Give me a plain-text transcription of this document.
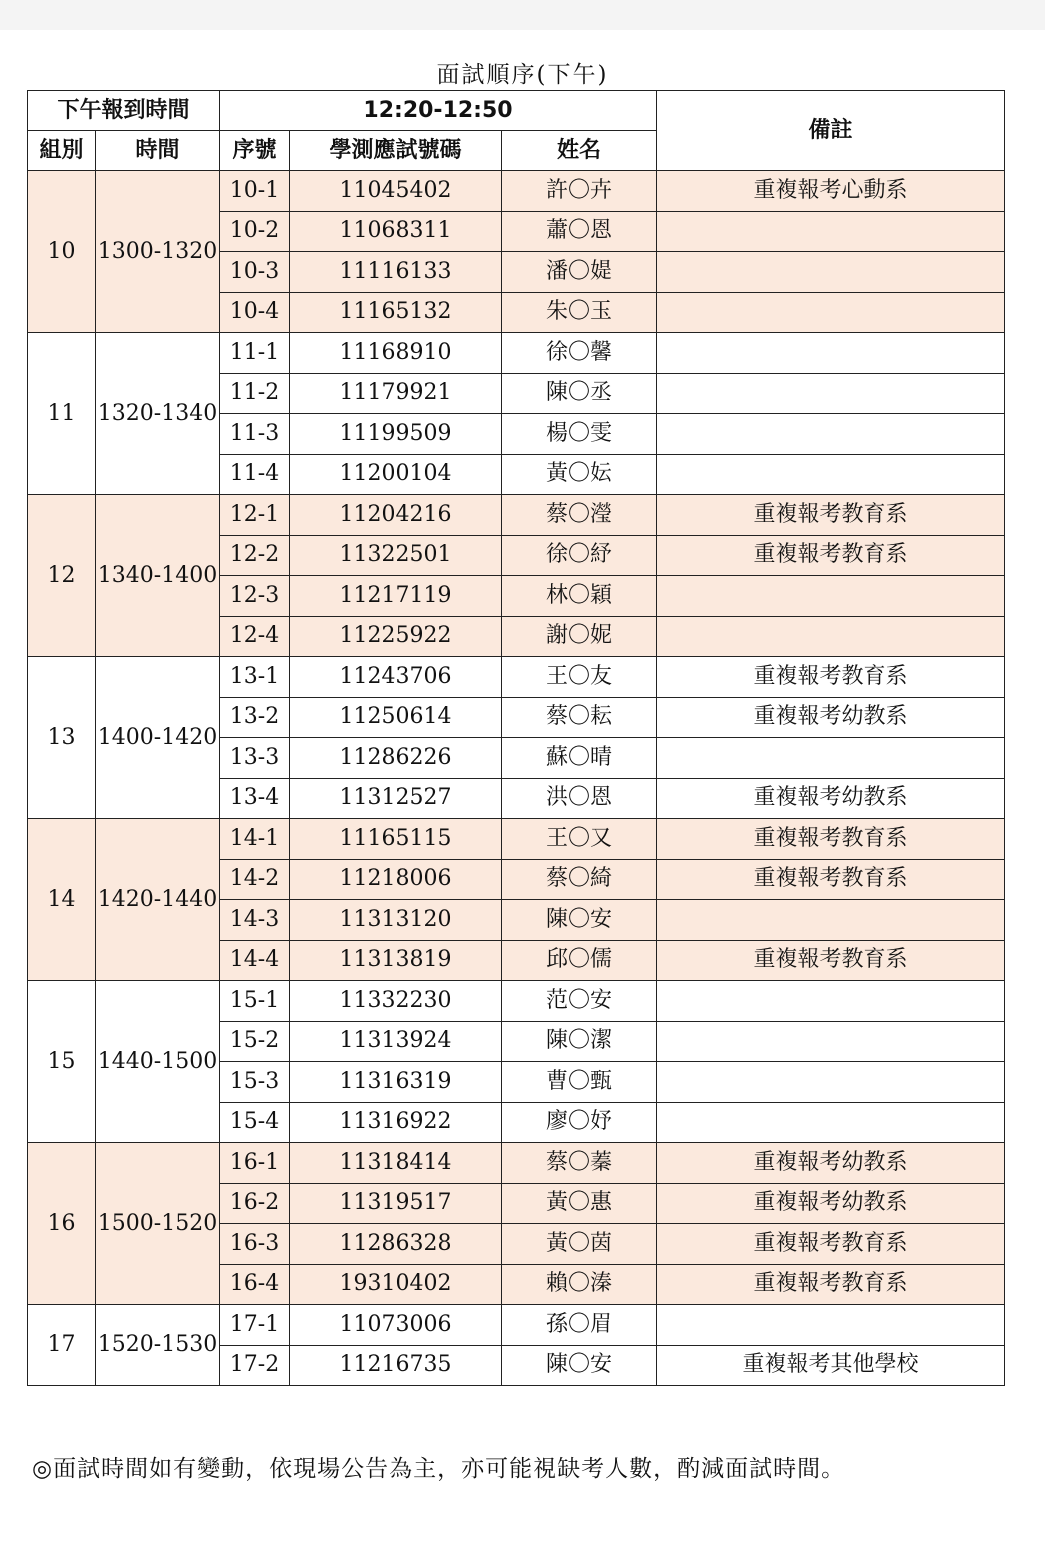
面試順序(下午)
下午報到時間		12:20-12:50			備註
組別	時間	序號	學測應試號碼	姓名	
10	1300-1320	10-1	11045402	許〇卉	重複報考心動系
		10-2	11068311	蕭〇恩	
		10-3	11116133	潘〇媞	
		10-4	11165132	朱〇玉	
11	1320-1340	11-1	11168910	徐〇馨	
		11-2	11179921	陳〇丞	
		11-3	11199509	楊〇雯	
		11-4	11200104	黃〇妘	
12	1340-1400	12-1	11204216	蔡〇瀅	重複報考教育系
		12-2	11322501	徐〇紓	重複報考教育系
		12-3	11217119	林〇穎	
		12-4	11225922	謝〇妮	
13	1400-1420	13-1	11243706	王〇友	重複報考教育系
		13-2	11250614	蔡〇耘	重複報考幼教系
		13-3	11286226	蘇〇晴	
		13-4	11312527	洪〇恩	重複報考幼教系
14	1420-1440	14-1	11165115	王〇又	重複報考教育系
		14-2	11218006	蔡〇綺	重複報考教育系
		14-3	11313120	陳〇安	
		14-4	11313819	邱〇儒	重複報考教育系
15	1440-1500	15-1	11332230	范〇安	
		15-2	11313924	陳〇潔	
		15-3	11316319	曹〇甄	
		15-4	11316922	廖〇妤	
16	1500-1520	16-1	11318414	蔡〇蓁	重複報考幼教系
		16-2	11319517	黃〇惠	重複報考幼教系
		16-3	11286328	黃〇茵	重複報考教育系
		16-4	19310402	賴〇溱	重複報考教育系
17	1520-1530	17-1	11073006	孫〇眉	
		17-2	11216735	陳〇安	重複報考其他學校
◎面試時間如有變動，依現場公告為主，亦可能視缺考人數，酌減面試時間。
